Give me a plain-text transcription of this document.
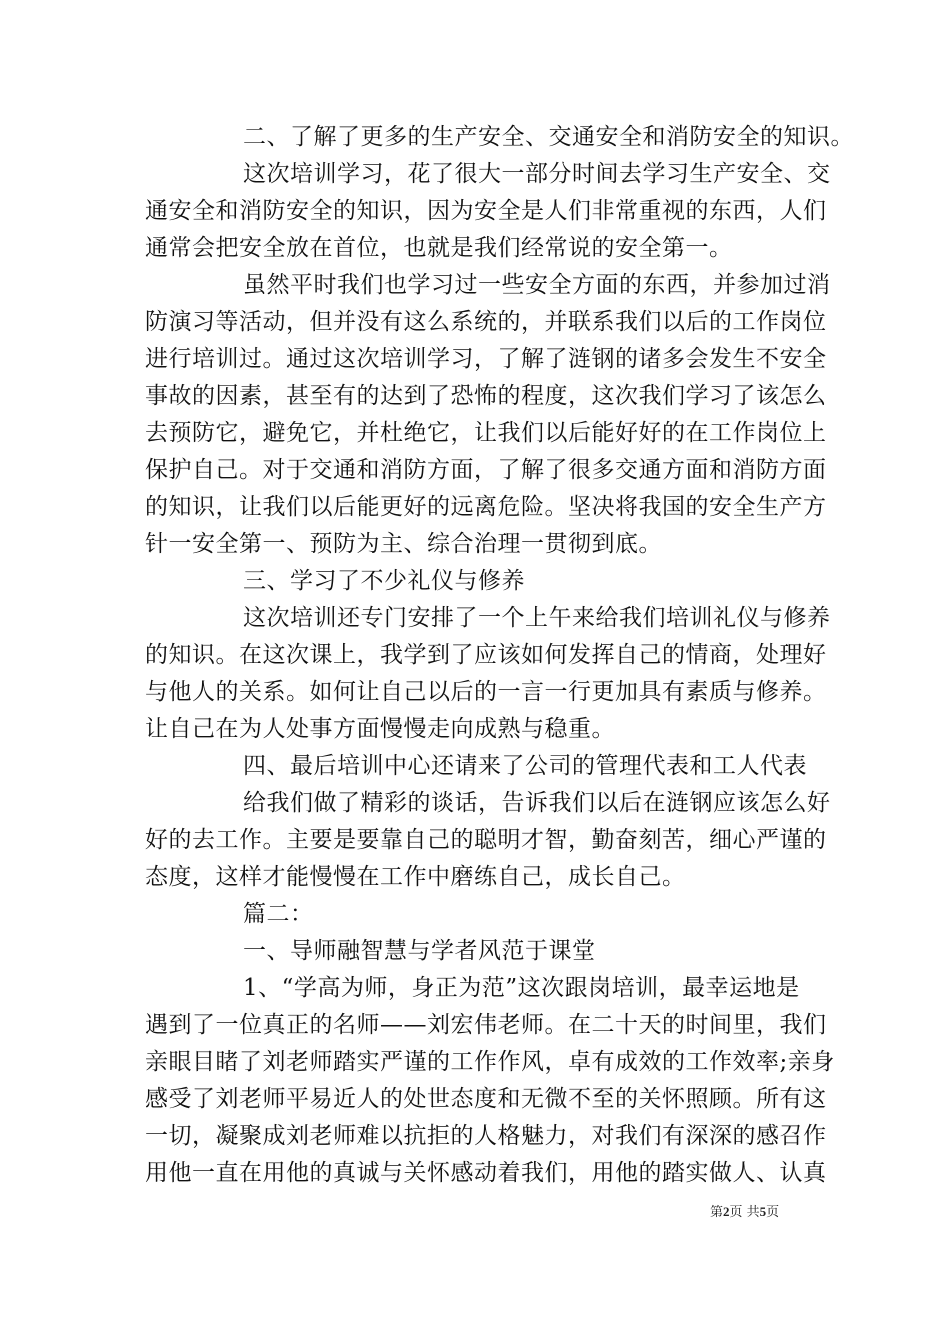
二、了解了更多的生产安全、交通安全和消防安全的知识。
这次培训学习，花了很大一部分时间去学习生产安全、交
通安全和消防安全的知识，因为安全是人们非常重视的东西，人们
通常会把安全放在首位，也就是我们经常说的安全第一。
虽然平时我们也学习过一些安全方面的东西，并参加过消
防演习等活动，但并没有这么系统的，并联系我们以后的工作岗位
进行培训过。通过这次培训学习，了解了涟钢的诸多会发生不安全
事故的因素，甚至有的达到了恐怖的程度，这次我们学习了该怎么
去预防它，避免它，并杜绝它，让我们以后能好好的在工作岗位上
保护自己。对于交通和消防方面，了解了很多交通方面和消防方面
的知识，让我们以后能更好的远离危险。坚决将我国的安全生产方
针一安全第一、预防为主、综合治理一贯彻到底。
三、学习了不少礼仪与修养
这次培训还专门安排了一个上午来给我们培训礼仪与修养
的知识。在这次课上，我学到了应该如何发挥自己的情商，处理好
与他人的关系。如何让自己以后的一言一行更加具有素质与修养。
让自己在为人处事方面慢慢走向成熟与稳重。
四、最后培训中心还请来了公司的管理代表和工人代表
给我们做了精彩的谈话，告诉我们以后在涟钢应该怎么好
好的去工作。主要是要靠自己的聪明才智，勤奋刻苦，细心严谨的
态度，这样才能慢慢在工作中磨练自己，成长自己。
篇二：
一、导师融智慧与学者风范于课堂
1、“学高为师，身正为范”这次跟岗培训，最幸运地是
遇到了一位真正的名师——刘宏伟老师。在二十天的时间里，我们
亲眼目睹了刘老师踏实严谨的工作作风，卓有成效的工作效率;亲身
感受了刘老师平易近人的处世态度和无微不至的关怀照顾。所有这
一切，凝聚成刘老师难以抗拒的人格魅力，对我们有深深的感召作
用他一直在用他的真诚与关怀感动着我们，用他的踏实做人、认真
第2页 共5页
